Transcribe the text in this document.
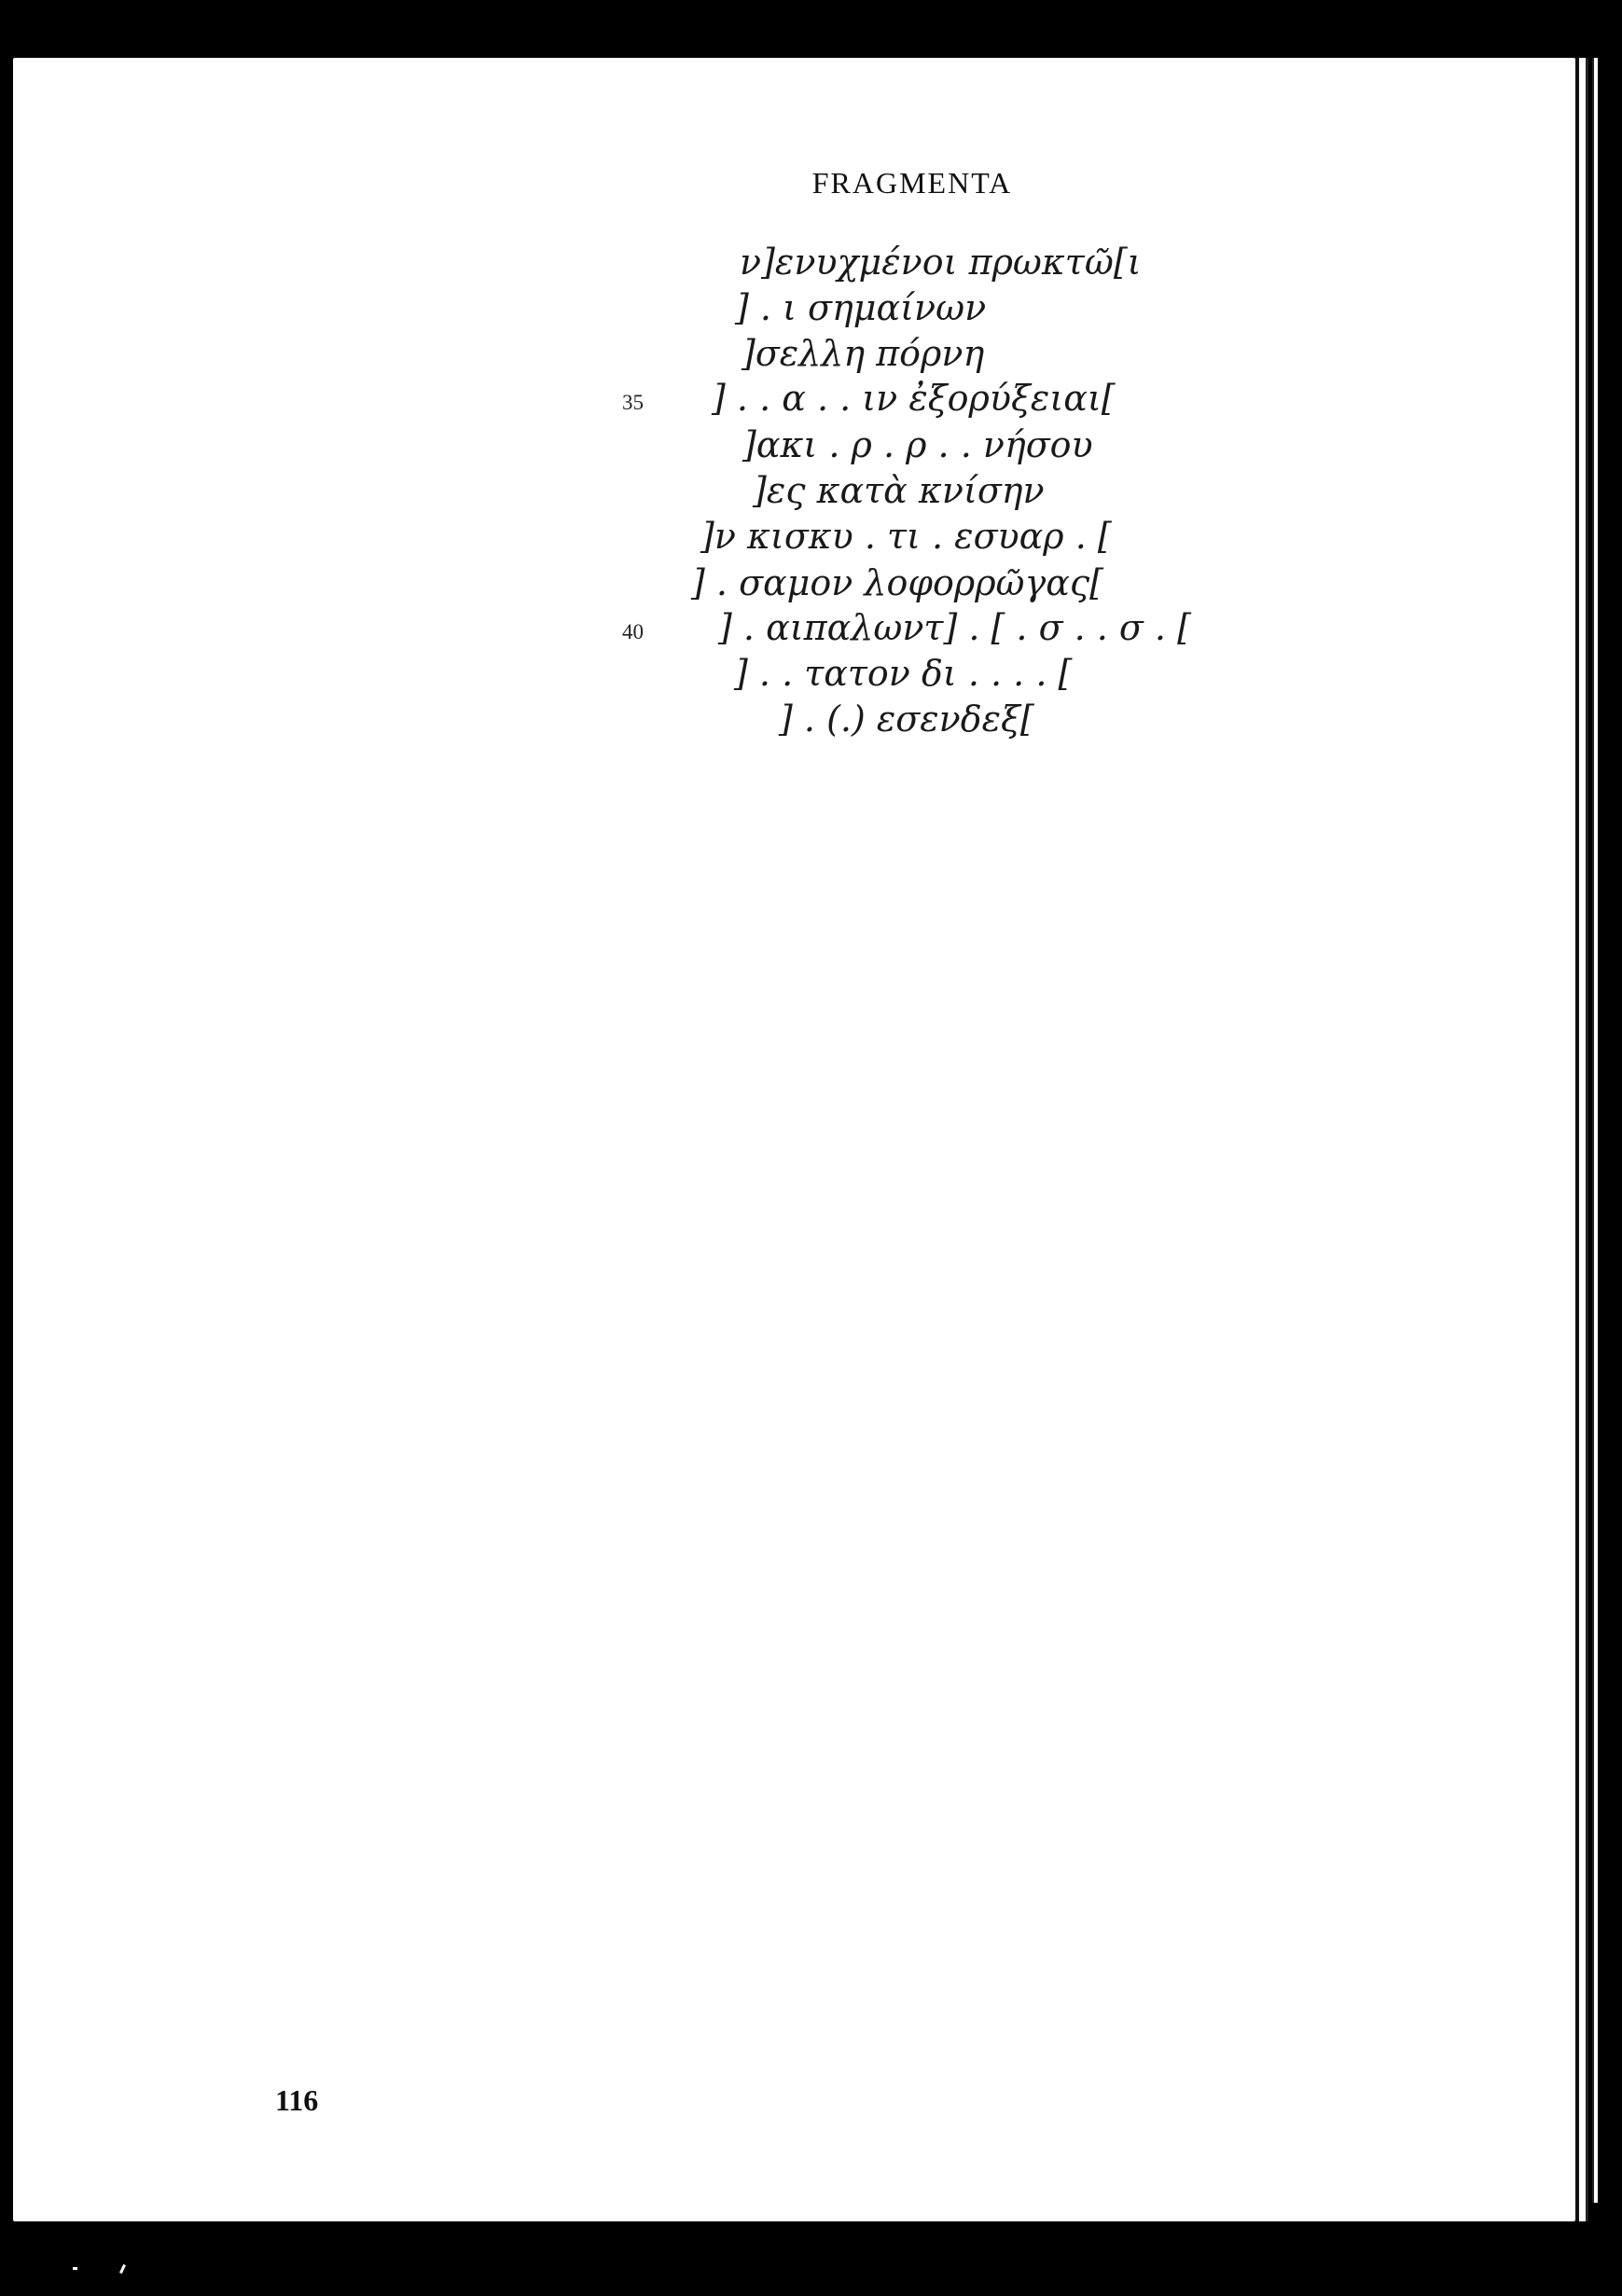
FRAGMENTA
ν]ενυχμένοι πρωκτῶ[ι
] . ι σημαίνων
]σελλη πόρνη
35 ] . . α . . ιν ἐξορύξειαι[
]ακι . ρ . ρ . . νήσου
]ες κατὰ κνίσην
]ν κισκυ . τι . εσυαρ . [
] . σαμον λοφορρῶγας[
40 ] . αιπαλωντ] . [ . σ . . σ . [
] . . τατον δι . . . . [
] . (.) εσενδεξ[
116
